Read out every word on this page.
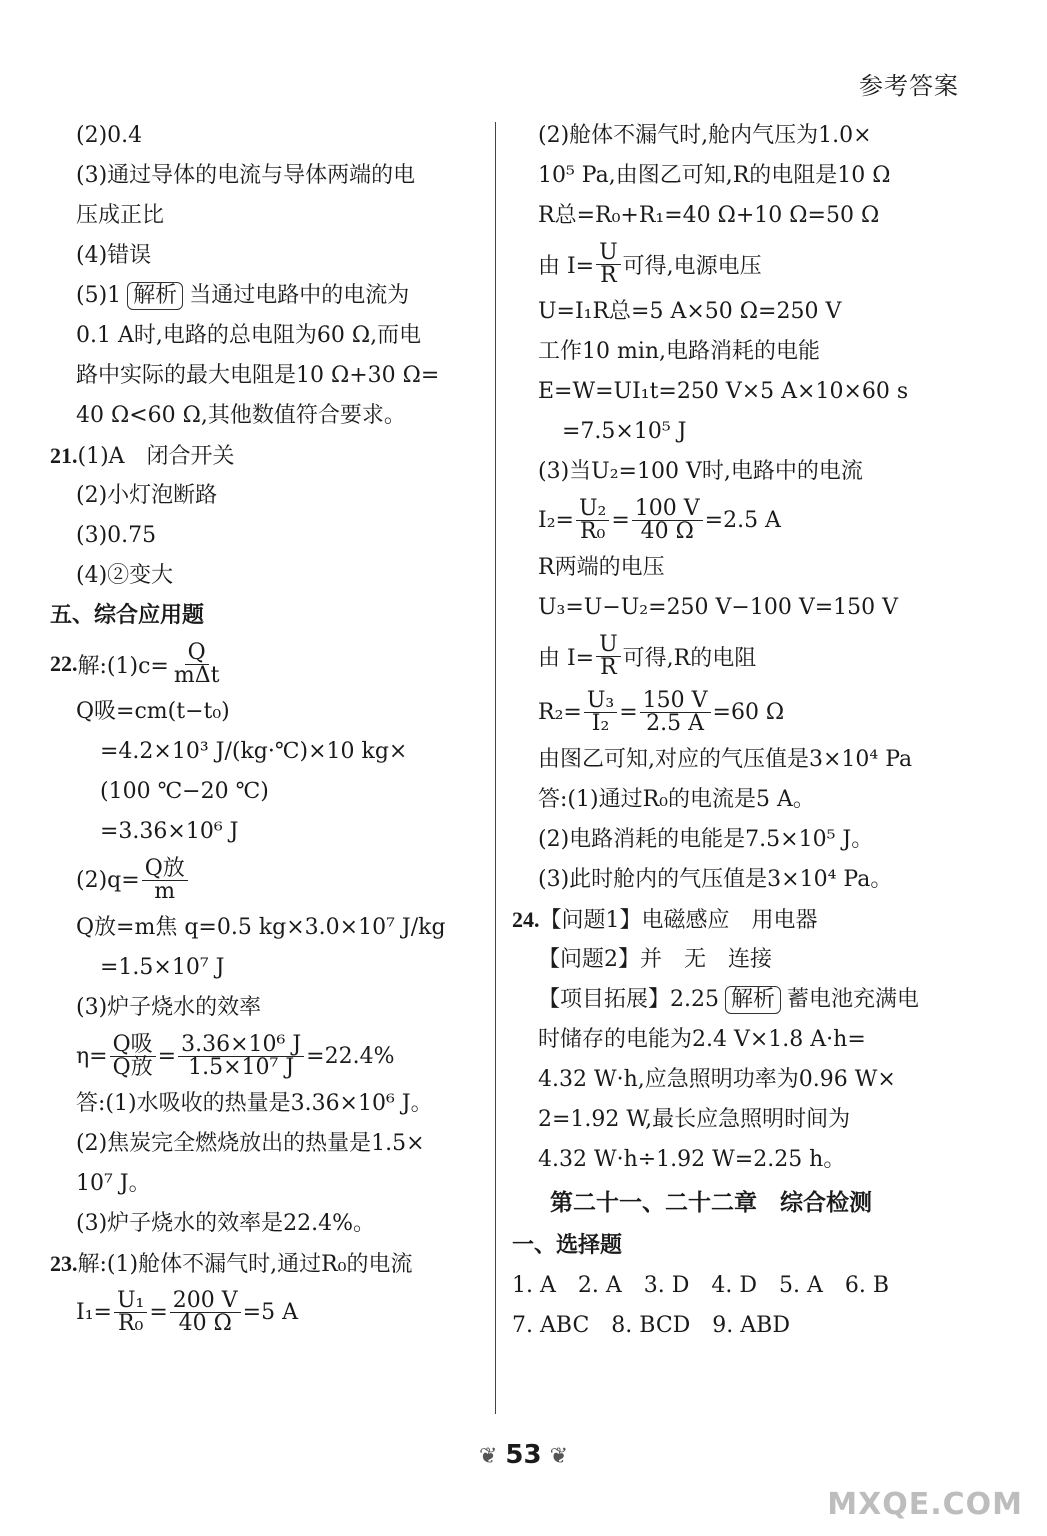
参考答案
(2)0.4
(3)通过导体的电流与导体两端的电
压成正比
(4)错误
(5)1 解析 当通过电路中的电流为
0.1 A时,电路的总电阻为60 Ω,而电
路中实际的最大电阻是10 Ω+30 Ω=
40 Ω<60 Ω,其他数值符合要求。
21.(1)A　闭合开关
(2)小灯泡断路
(3)0.75
(4)②变大
五、综合应用题
22. 解:(1)c= $\frac{Q}{\text{mΔt}}$
Q吸=cm(t−t₀)
=4.2×10³ J/(kg·℃)×10 kg×
(100 ℃−20 ℃)
=3.36×10⁶ J
$(2)q= \frac{\text{Q放}}{m}$
Q放=m焦 q=0.5 kg×3.0×10⁷ J/kg
=1.5×10⁷ J
(3)炉子烧水的效率
$\eta= \frac{\text{Q吸}}{\text{Q放}} = \frac{\text{3.36×10⁶ J}}{\text{1.5×10⁷ J}} =22.4\%$
答:(1)水吸收的热量是3.36×10⁶ J。
(2)焦炭完全燃烧放出的热量是1.5×
10⁷ J。
(3)炉子烧水的效率是22.4%。
23.解:(1)舱体不漏气时,通过R₀的电流
$I_1= \frac{\text{U₁}}{\text{R₀}} = \frac{200 V}{40 \Omega} =5$ A
(2)舱体不漏气时,舱内气压为1.0×
10⁵ Pa,由图乙可知,R的电阻是10 Ω
R总=R₀+R₁=40 Ω+10 Ω=50 Ω
由 $I= \frac{U}{R}$ 可得,电源电压
U=I₁R总=5 A×50 Ω=250 V
工作10 min,电路消耗的电能
E=W=UI₁t=250 V×5 A×10×60 s
=7.5×10⁵ J
(3)当U₂=100 V时,电路中的电流
$I_2= \frac{\text{U₂}}{\text{R₀}} = \frac{100 V}{40 \Omega} =2.5$ A
R两端的电压
U₃=U−U₂=250 V−100 V=150 V
由 $I= \frac{U}{R}$ 可得,R的电阻
$R_2= \frac{\text{U₃}}{\text{I₂}} = \frac{150 V}{2.5 A} =60$ Ω
由图乙可知,对应的气压值是3×10⁴ Pa
答:(1)通过R₀的电流是5 A。
(2)电路消耗的电能是7.5×10⁵ J。
(3)此时舱内的气压值是3×10⁴ Pa。
24.【问题1】电磁感应　用电器
【问题2】并　无　连接
【项目拓展】2.25 解析 蓄电池充满电
时储存的电能为2.4 V×1.8 A·h=
4.32 W·h,应急照明功率为0.96 W×
2=1.92 W,最长应急照明时间为
4.32 W·h÷1.92 W=2.25 h。
第二十一、二十二章　综合检测
一、选择题
1. A　2. A　3. D　4. D　5. A　6. B
7. ABC　8. BCD　9. ABD
❦ 53 ❦
MXQE.COM
